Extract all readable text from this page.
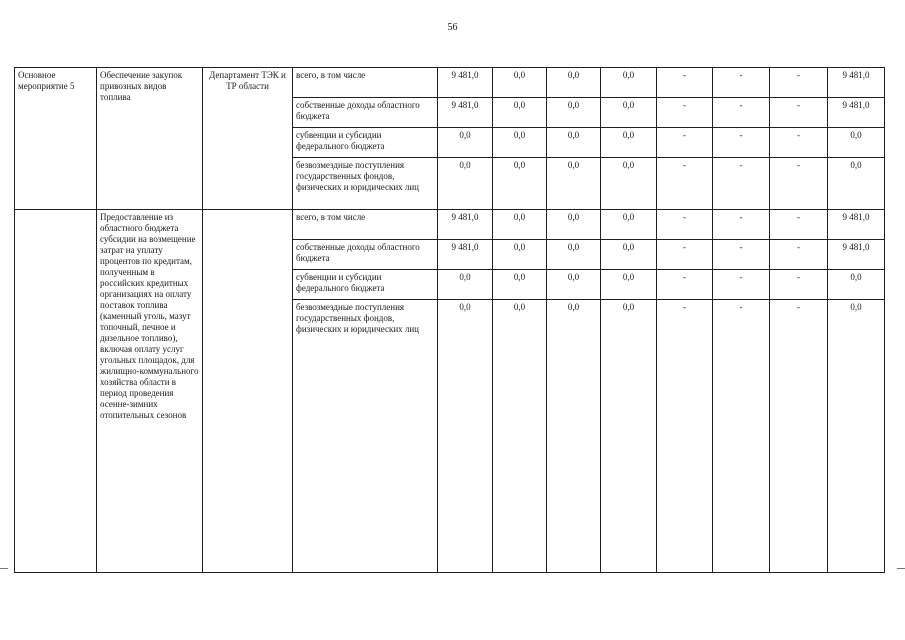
56
Основное мероприятие 5	Обеспечение закупок привозных видов топлива	Департамент ТЭК и ТР области	всего, в том числе	9 481,0	0,0	0,0	0,0	-	-	-	9 481,0
			собственные доходы областного бюджета	9 481,0	0,0	0,0	0,0	-	-	-	9 481,0
			субвенции и субсидии федерального бюджета	0,0	0,0	0,0	0,0	-	-	-	0,0
			безвозмездные поступления государственных фондов, физических и юридических лиц	0,0	0,0	0,0	0,0	-	-	-	0,0
	Предоставление из областного бюджета субсидии на возмещение затрат на уплату процентов по кредитам, полученным в российских кредитных организациях на оплату поставок топлива (каменный уголь, мазут топочный, печное и дизельное топливо), включая оплату услуг угольных площадок, для жилищно-коммунального хозяйства области в период проведения осенне-зимних отопительных сезонов		всего, в том числе	9 481,0	0,0	0,0	0,0	-	-	-	9 481,0
			собственные доходы областного бюджета	9 481,0	0,0	0,0	0,0	-	-	-	9 481,0
			субвенции и субсидии федерального бюджета	0,0	0,0	0,0	0,0	-	-	-	0,0
			безвозмездные поступления государственных фондов, физических и юридических лиц	0,0	0,0	0,0	0,0	-	-	-	0,0
